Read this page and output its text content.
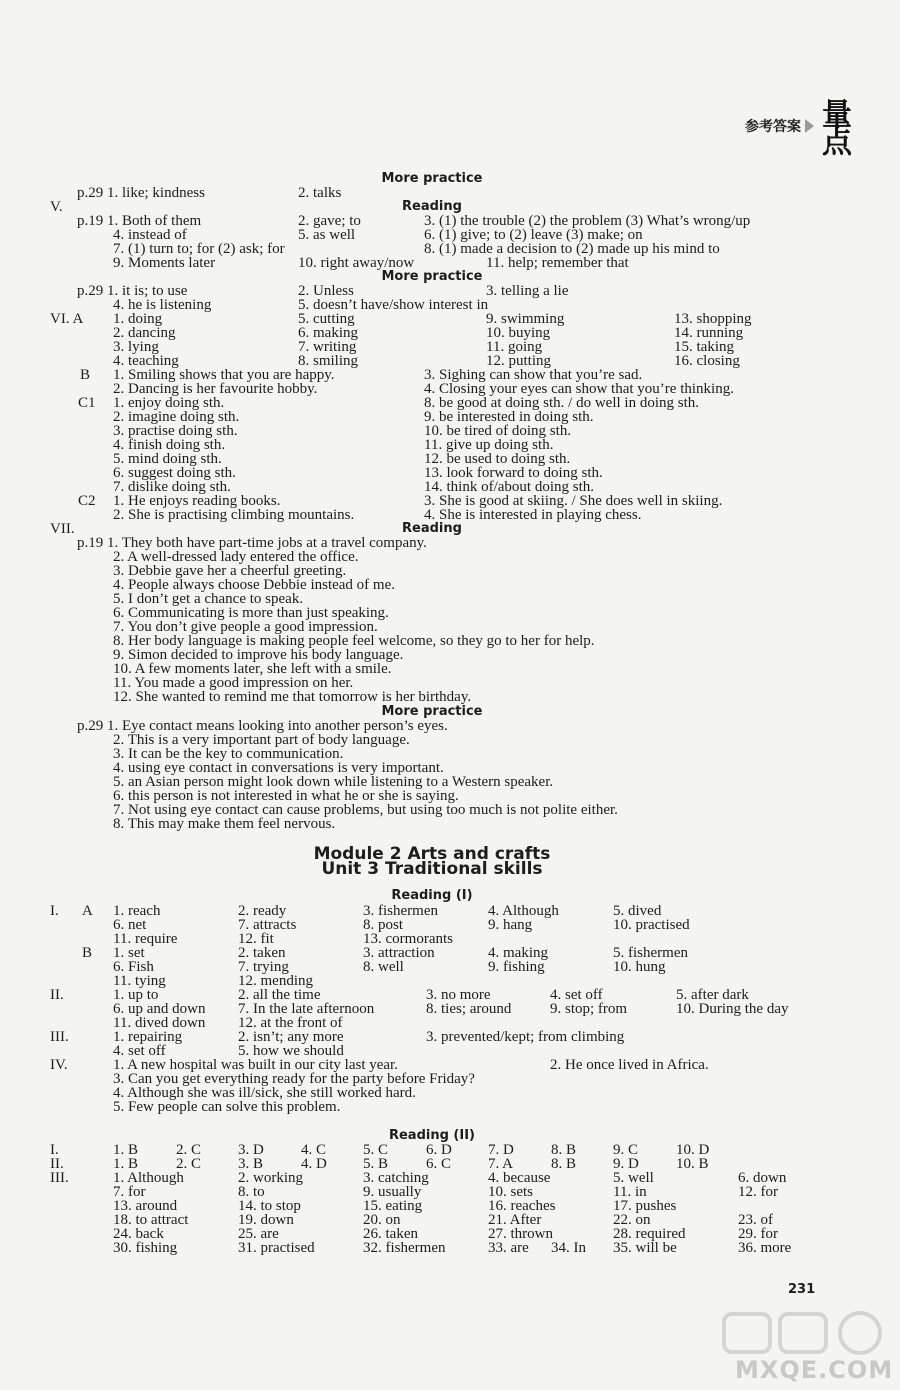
参考答案 量点
More practice
p.29 1. like; kindness	2. talks
Reading
V.
p.19 1. Both of them	2. gave; to	3. (1) the trouble (2) the problem (3) What’s wrong/up
4. instead of	5. as well	6. (1) give; to (2) leave (3) make; on
7. (1) turn to; for (2) ask; for	8. (1) made a decision to (2) made up his mind to
9. Moments later	10. right away/now	11. help; remember that
More practice
p.29 1. it is; to use	2. Unless	3. telling a lie
4. he is listening	5. doesn’t have/show interest in
VI. A 1. doing	5. cutting	9. swimming	13. shopping
2. dancing	6. making	10. buying	14. running
3. lying	7. writing	11. going	15. taking
4. teaching	8. smiling	12. putting	16. closing
B 1. Smiling shows that you are happy.	3. Sighing can show that you’re sad.
2. Dancing is her favourite hobby.	4. Closing your eyes can show that you’re thinking.
C1 1. enjoy doing sth.	8. be good at doing sth. / do well in doing sth.
2. imagine doing sth.	9. be interested in doing sth.
3. practise doing sth.	10. be tired of doing sth.
4. finish doing sth.	11. give up doing sth.
5. mind doing sth.	12. be used to doing sth.
6. suggest doing sth.	13. look forward to doing sth.
7. dislike doing sth.	14. think of/about doing sth.
C2 1. He enjoys reading books.	3. She is good at skiing. / She does well in skiing.
2. She is practising climbing mountains.	4. She is interested in playing chess.
Reading
VII.
p.19 1. They both have part-time jobs at a travel company.
2. A well-dressed lady entered the office.
3. Debbie gave her a cheerful greeting.
4. People always choose Debbie instead of me.
5. I don’t get a chance to speak.
6. Communicating is more than just speaking.
7. You don’t give people a good impression.
8. Her body language is making people feel welcome, so they go to her for help.
9. Simon decided to improve his body language.
10. A few moments later, she left with a smile.
11. You made a good impression on her.
12. She wanted to remind me that tomorrow is her birthday.
More practice
p.29 1. Eye contact means looking into another person’s eyes.
2. This is a very important part of body language.
3. It can be the key to communication.
4. using eye contact in conversations is very important.
5. an Asian person might look down while listening to a Western speaker.
6. this person is not interested in what he or she is saying.
7. Not using eye contact can cause problems, but using too much is not polite either.
8. This may make them feel nervous.
Module 2 Arts and crafts
Unit 3 Traditional skills
Reading (I)
I. A 1. reach	2. ready	3. fishermen	4. Although	5. dived
6. net	7. attracts	8. post	9. hang	10. practised
11. require	12. fit	13. cormorants
B 1. set	2. taken	3. attraction	4. making	5. fishermen
6. Fish	7. trying	8. well	9. fishing	10. hung
11. tying	12. mending
II.	1. up to	2. all the time	3. no more	4. set off	5. after dark
6. up and down 7. In the late afternoon	8. ties; around	9. stop; from	10. During the day
11. dived down 12. at the front of
III.	1. repairing	2. isn’t; any more	3. prevented/kept; from climbing
4. set off	5. how we should
IV.	1. A new hospital was built in our city last year.	2. He once lived in Africa.
3. Can you get everything ready for the party before Friday?
4. Although she was ill/sick, she still worked hard.
5. Few people can solve this problem.
Reading (II)
I.	1. B	2. C 3. D 4. C 5. C	6. D 7. D 8. B 9. C	10. D
II.	1. B	2. C 3. B	4. D 5. B	6. C 7. A	8. B 9. D 10. B
III.	1. Although	2. working	3. catching	4. because	5. well	6. down
7. for	8. to	9. usually	10. sets	11. in	12. for
13. around	14. to stop	15. eating	16. reaches	17. pushes
18. to attract	19. down	20. on	21. After	22. on	23. of
24. back	25. are	26. taken	27. thrown	28. required	29. for
30. fishing	31. practised	32. fishermen	33. are 34. In 35. will be	36. more
231
MXQE.COM
